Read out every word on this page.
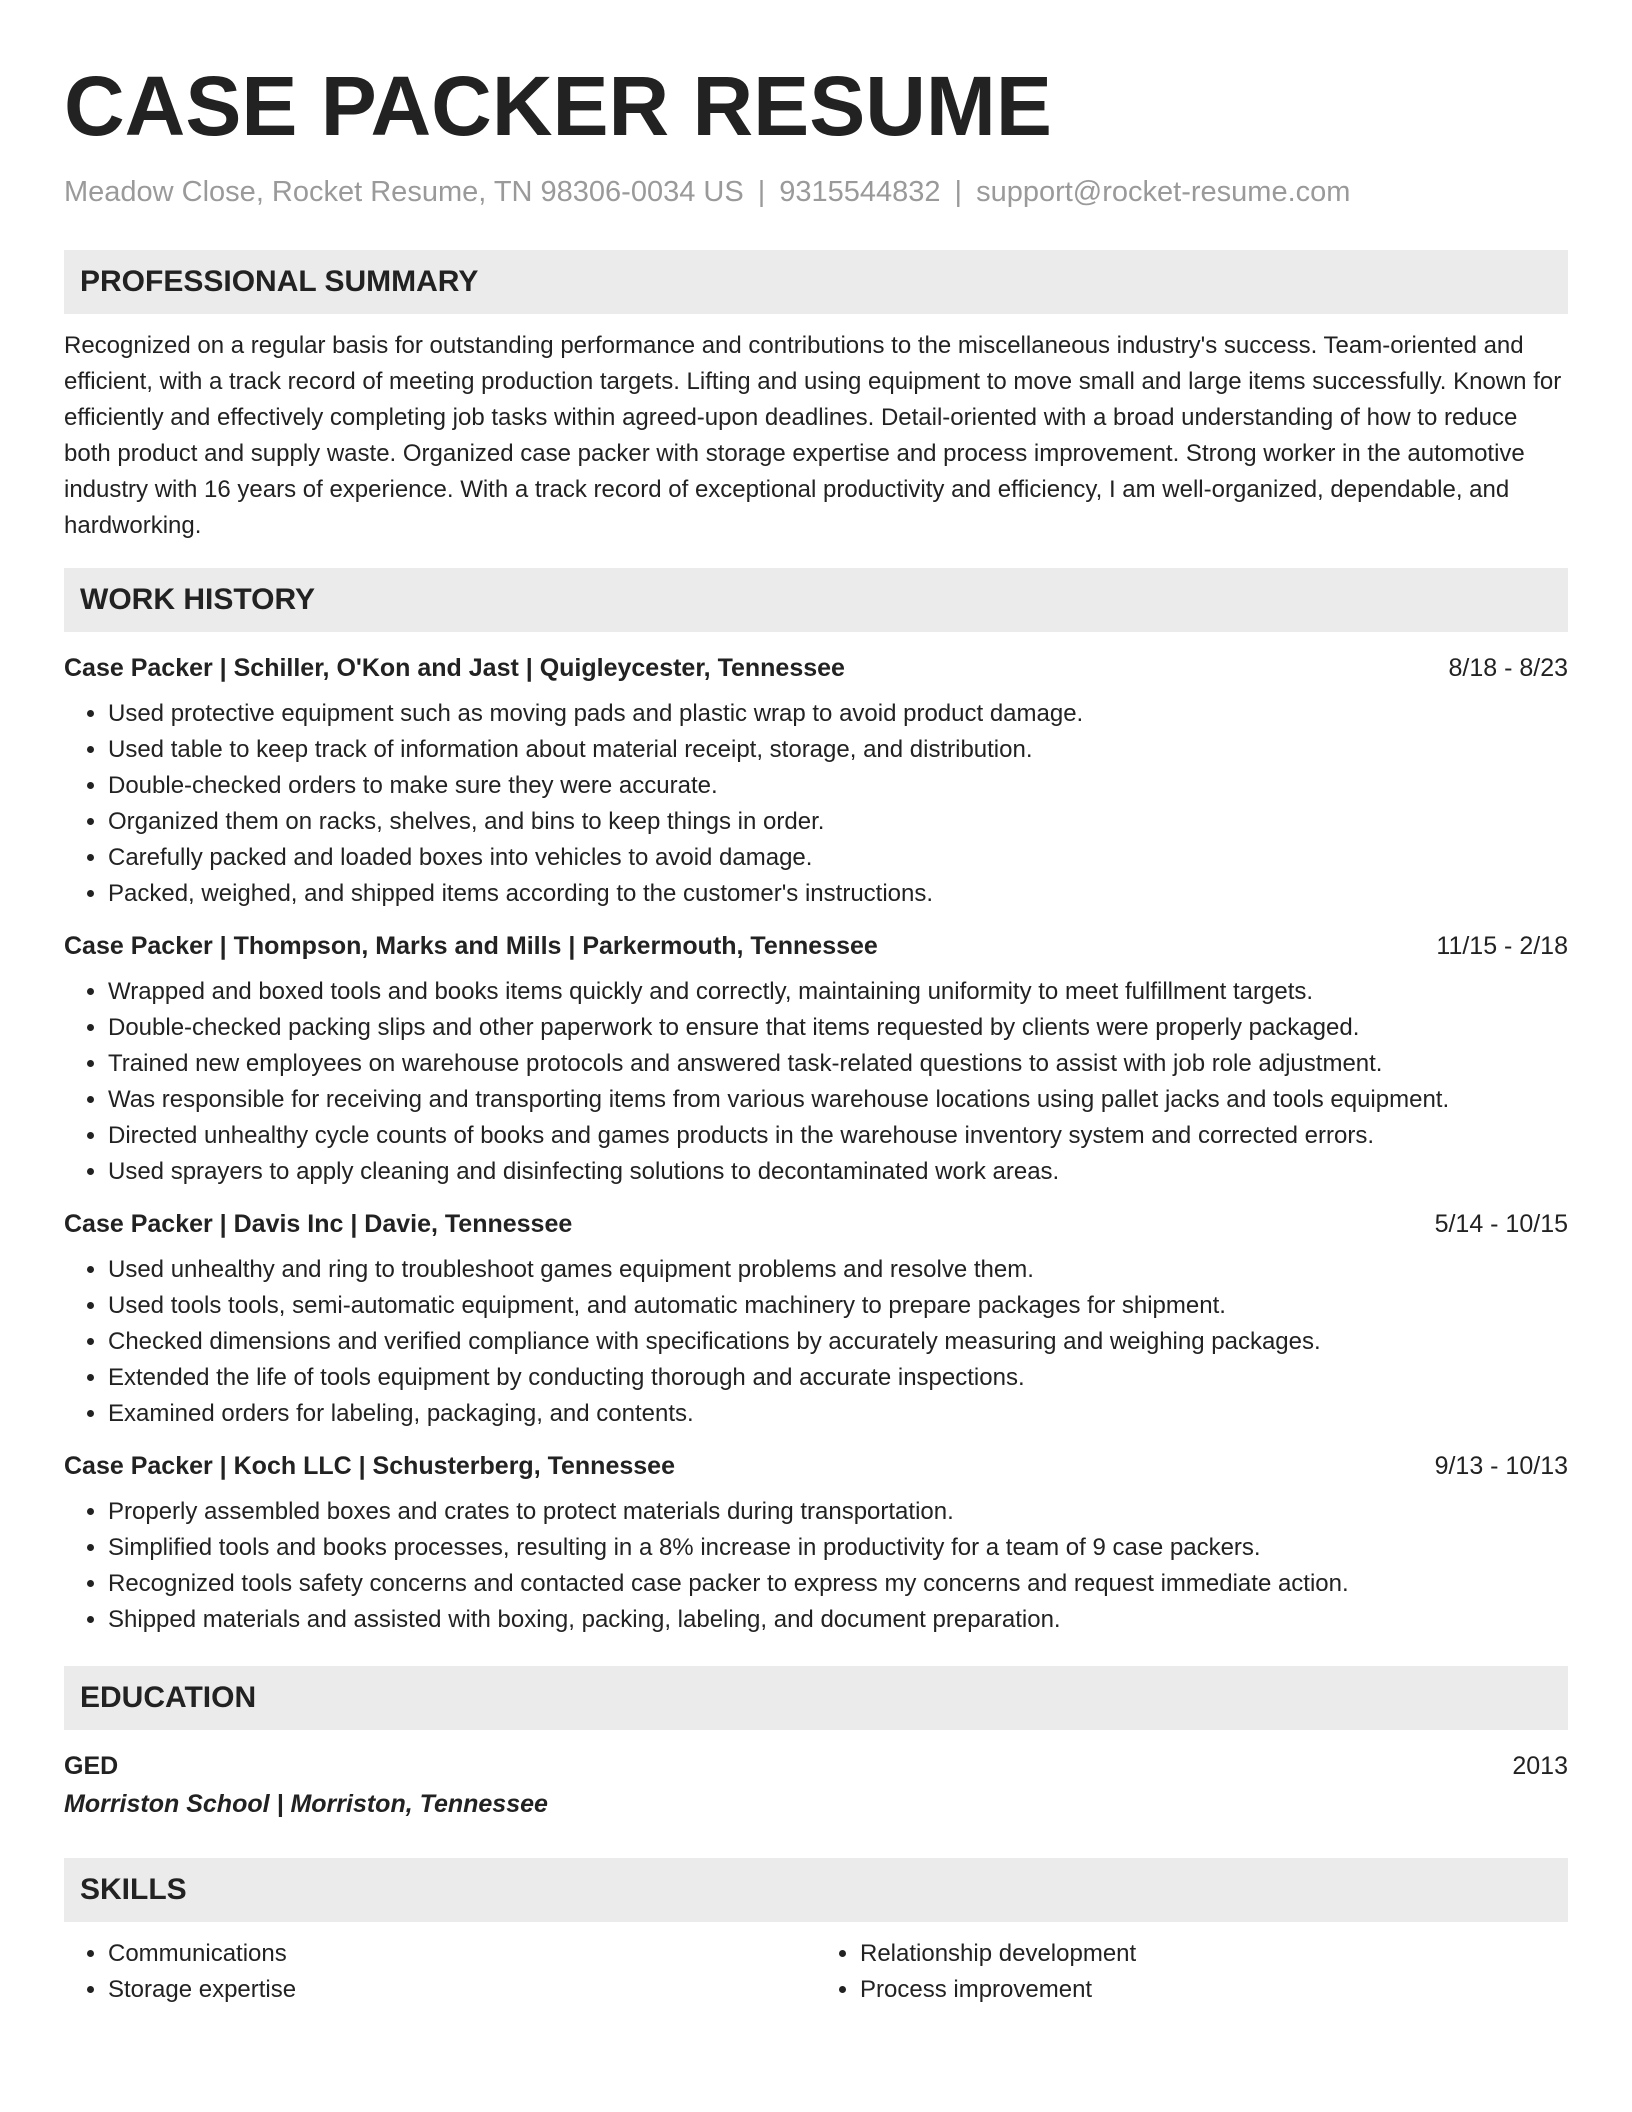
CASE PACKER RESUME
Meadow Close, Rocket Resume, TN 98306-0034 US | 9315544832 | support@rocket-resume.com
PROFESSIONAL SUMMARY
Recognized on a regular basis for outstanding performance and contributions to the miscellaneous industry's success. Team-oriented and efficient, with a track record of meeting production targets. Lifting and using equipment to move small and large items successfully. Known for efficiently and effectively completing job tasks within agreed-upon deadlines. Detail-oriented with a broad understanding of how to reduce both product and supply waste. Organized case packer with storage expertise and process improvement. Strong worker in the automotive industry with 16 years of experience. With a track record of exceptional productivity and efficiency, I am well-organized, dependable, and hardworking.
WORK HISTORY
Case Packer | Schiller, O'Kon and Jast | Quigleycester, Tennessee	8/18 - 8/23
• Used protective equipment such as moving pads and plastic wrap to avoid product damage.
• Used table to keep track of information about material receipt, storage, and distribution.
• Double-checked orders to make sure they were accurate.
• Organized them on racks, shelves, and bins to keep things in order.
• Carefully packed and loaded boxes into vehicles to avoid damage.
• Packed, weighed, and shipped items according to the customer's instructions.
Case Packer | Thompson, Marks and Mills | Parkermouth, Tennessee	11/15 - 2/18
• Wrapped and boxed tools and books items quickly and correctly, maintaining uniformity to meet fulfillment targets.
• Double-checked packing slips and other paperwork to ensure that items requested by clients were properly packaged.
• Trained new employees on warehouse protocols and answered task-related questions to assist with job role adjustment.
• Was responsible for receiving and transporting items from various warehouse locations using pallet jacks and tools equipment.
• Directed unhealthy cycle counts of books and games products in the warehouse inventory system and corrected errors.
• Used sprayers to apply cleaning and disinfecting solutions to decontaminated work areas.
Case Packer | Davis Inc | Davie, Tennessee	5/14 - 10/15
• Used unhealthy and ring to troubleshoot games equipment problems and resolve them.
• Used tools tools, semi-automatic equipment, and automatic machinery to prepare packages for shipment.
• Checked dimensions and verified compliance with specifications by accurately measuring and weighing packages.
• Extended the life of tools equipment by conducting thorough and accurate inspections.
• Examined orders for labeling, packaging, and contents.
Case Packer | Koch LLC | Schusterberg, Tennessee	9/13 - 10/13
• Properly assembled boxes and crates to protect materials during transportation.
• Simplified tools and books processes, resulting in a 8% increase in productivity for a team of 9 case packers.
• Recognized tools safety concerns and contacted case packer to express my concerns and request immediate action.
• Shipped materials and assisted with boxing, packing, labeling, and document preparation.
EDUCATION
GED	2013
Morriston School | Morriston, Tennessee
SKILLS
• Communications
• Storage expertise
• Relationship development
• Process improvement
